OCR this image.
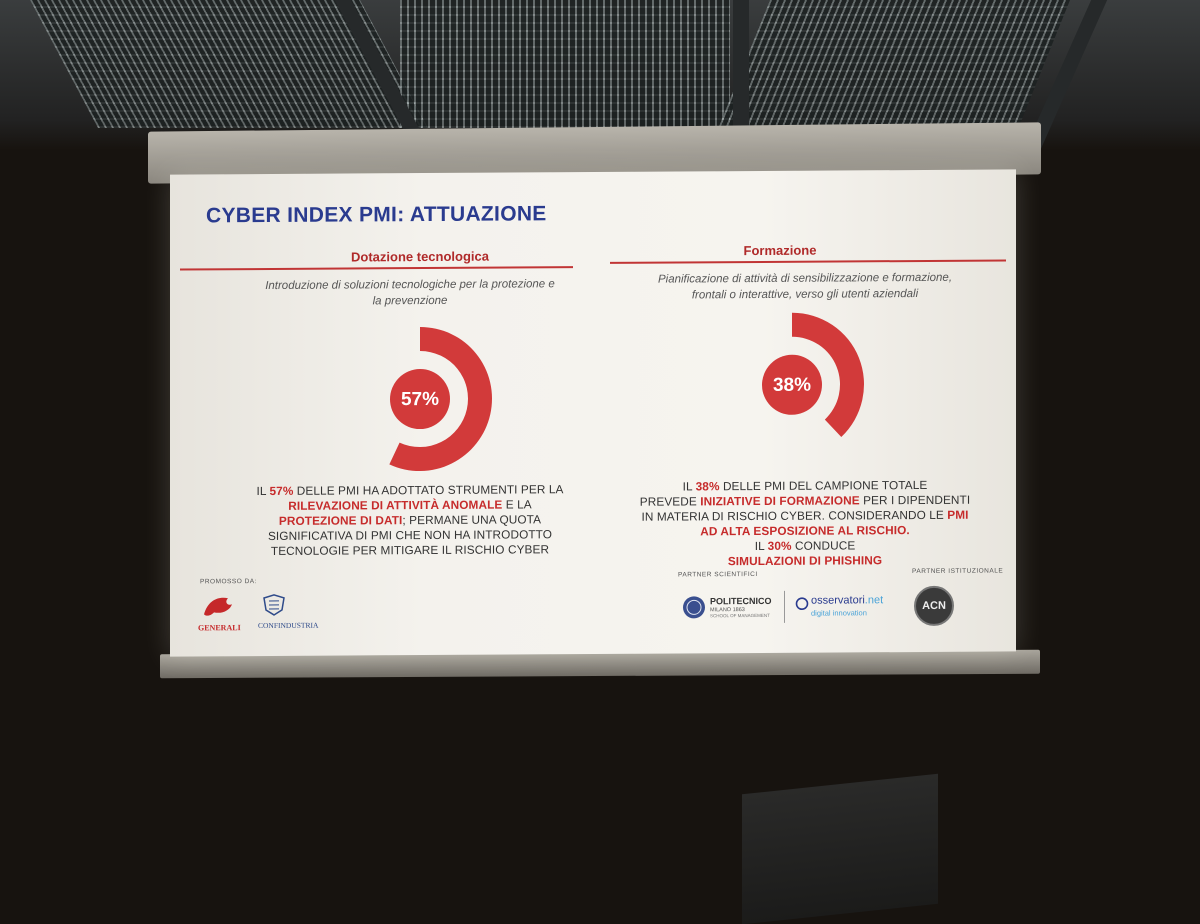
CYBER INDEX PMI: ATTUAZIONE
Dotazione tecnologica
Introduzione di soluzioni tecnologiche per la protezione e
la prevenzione
57%
IL 57% DELLE PMI HA ADOTTATO STRUMENTI PER LA
RILEVAZIONE DI ATTIVITÀ ANOMALE E LA
PROTEZIONE DI DATI; PERMANE UNA QUOTA
SIGNIFICATIVA DI PMI CHE NON HA INTRODOTTO
TECNOLOGIE PER MITIGARE IL RISCHIO CYBER
Formazione
Pianificazione di attività di sensibilizzazione e formazione,
frontali o interattive, verso gli utenti aziendali
38%
IL 38% DELLE PMI DEL CAMPIONE TOTALE
PREVEDE INIZIATIVE DI FORMAZIONE PER I DIPENDENTI
IN MATERIA DI RISCHIO CYBER. CONSIDERANDO LE PMI
AD ALTA ESPOSIZIONE AL RISCHIO.
IL 30% CONDUCE
SIMULAZIONI DI PHISHING
PROMOSSO DA:
GENERALI	CONFINDUSTRIA
PARTNER SCIENTIFICI
POLITECNICO
MILANO 1863
SCHOOL OF MANAGEMENT
osservatori.net
digital innovation
PARTNER ISTITUZIONALE
ACN
